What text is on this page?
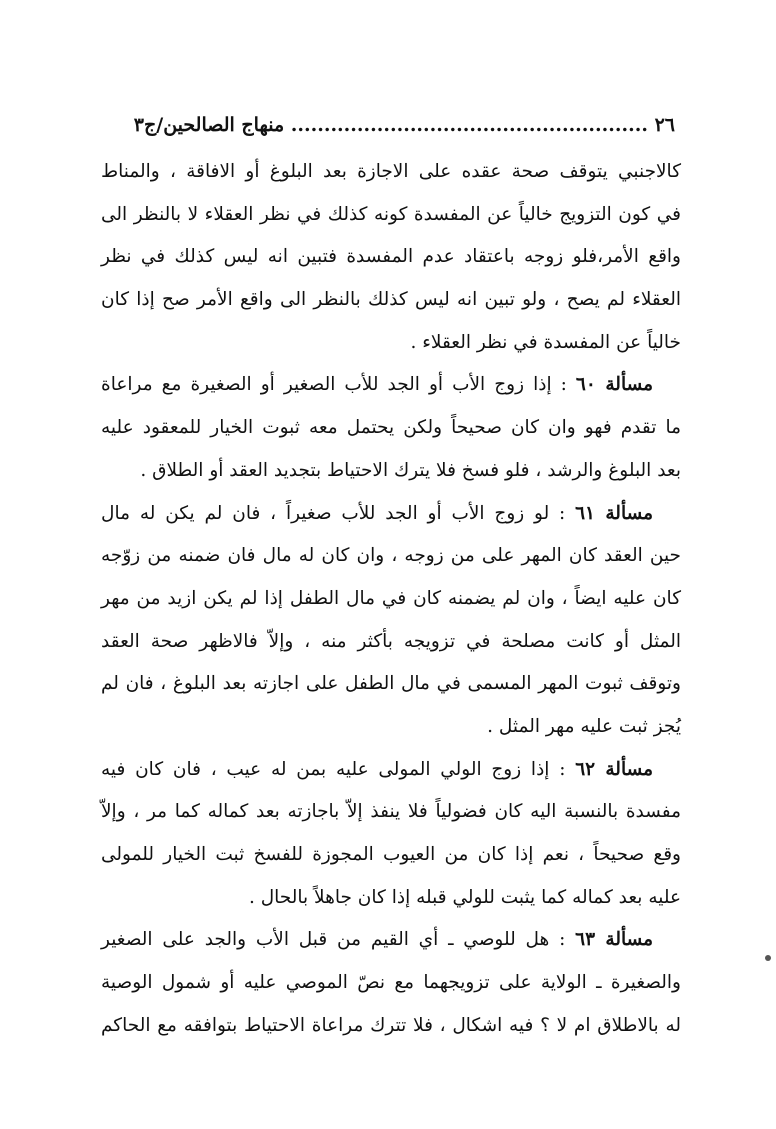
٢٦ ...................................................... منهاج الصالحين/ج٣
كالاجنبي يتوقف صحة عقده على الاجازة بعد البلوغ أو الافاقة ، والمناط
في كون التزويج خالياً عن المفسدة كونه كذلك في نظر العقلاء لا بالنظر الى
واقع الأمر،فلو زوجه باعتقاد عدم المفسدة فتبين انه ليس كذلك في نظر
العقلاء لم يصح ، ولو تبين انه ليس كذلك بالنظر الى واقع الأمر صح إذا كان
خالياً عن المفسدة في نظر العقلاء .
مسألة ٦٠ : إذا زوج الأب أو الجد للأب الصغير أو الصغيرة مع مراعاة
ما تقدم فهو وان كان صحيحاً ولكن يحتمل معه ثبوت الخيار للمعقود عليه
بعد البلوغ والرشد ، فلو فسخ فلا يترك الاحتياط بتجديد العقد أو الطلاق .
مسألة ٦١ : لو زوج الأب أو الجد للأب صغيراً ، فان لم يكن له مال
حين العقد كان المهر على من زوجه ، وان كان له مال فان ضمنه من زوّجه
كان عليه ايضاً ، وان لم يضمنه كان في مال الطفل إذا لم يكن ازيد من مهر
المثل أو كانت مصلحة في تزويجه بأكثر منه ، وإلاّ فالاظهر صحة العقد
وتوقف ثبوت المهر المسمى في مال الطفل على اجازته بعد البلوغ ، فان لم
يُجز ثبت عليه مهر المثل .
مسألة ٦٢ : إذا زوج الولي المولى عليه بمن له عيب ، فان كان فيه
مفسدة بالنسبة اليه كان فضولياً فلا ينفذ إلاّ باجازته بعد كماله كما مر ، وإلاّ
وقع صحيحاً ، نعم إذا كان من العيوب المجوزة للفسخ ثبت الخيار للمولى
عليه بعد كماله كما يثبت للولي قبله إذا كان جاهلاً بالحال .
مسألة ٦٣ : هل للوصي ـ أي القيم من قبل الأب والجد على الصغير
والصغيرة ـ الولاية على تزويجهما مع نصّ الموصي عليه أو شمول الوصية
له بالاطلاق ام لا ؟ فيه اشكال ، فلا تترك مراعاة الاحتياط بتوافقه مع الحاكم
